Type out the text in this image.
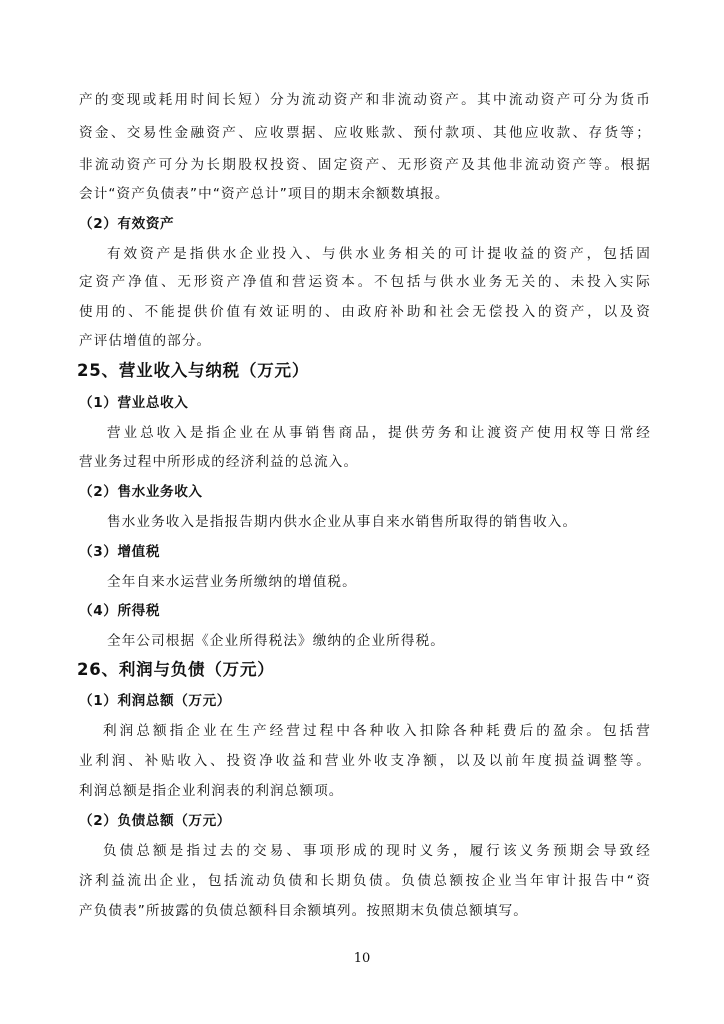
产的变现或耗用时间长短）分为流动资产和非流动资产。其中流动资产可分为货币
资金、交易性金融资产、应收票据、应收账款、预付款项、其他应收款、存货等；
非流动资产可分为长期股权投资、固定资产、无形资产及其他非流动资产等。根据
会计“资产负债表”中“资产总计”项目的期末余额数填报。
（2）有效资产
有效资产是指供水企业投入、与供水业务相关的可计提收益的资产，包括固
定资产净值、无形资产净值和营运资本。不包括与供水业务无关的、未投入实际
使用的、不能提供价值有效证明的、由政府补助和社会无偿投入的资产，以及资
产评估增值的部分。
25、营业收入与纳税（万元）
（1）营业总收入
营业总收入是指企业在从事销售商品，提供劳务和让渡资产使用权等日常经
营业务过程中所形成的经济利益的总流入。
（2）售水业务收入
售水业务收入是指报告期内供水企业从事自来水销售所取得的销售收入。
（3）增值税
全年自来水运营业务所缴纳的增值税。
（4）所得税
全年公司根据《企业所得税法》缴纳的企业所得税。
26、利润与负债（万元）
（1）利润总额（万元）
利润总额指企业在生产经营过程中各种收入扣除各种耗费后的盈余。包括营
业利润、补贴收入、投资净收益和营业外收支净额，以及以前年度损益调整等。
利润总额是指企业利润表的利润总额项。
（2）负债总额（万元）
负债总额是指过去的交易、事项形成的现时义务，履行该义务预期会导致经
济利益流出企业，包括流动负债和长期负债。负债总额按企业当年审计报告中“资
产负债表”所披露的负债总额科目余额填列。按照期末负债总额填写。
10
